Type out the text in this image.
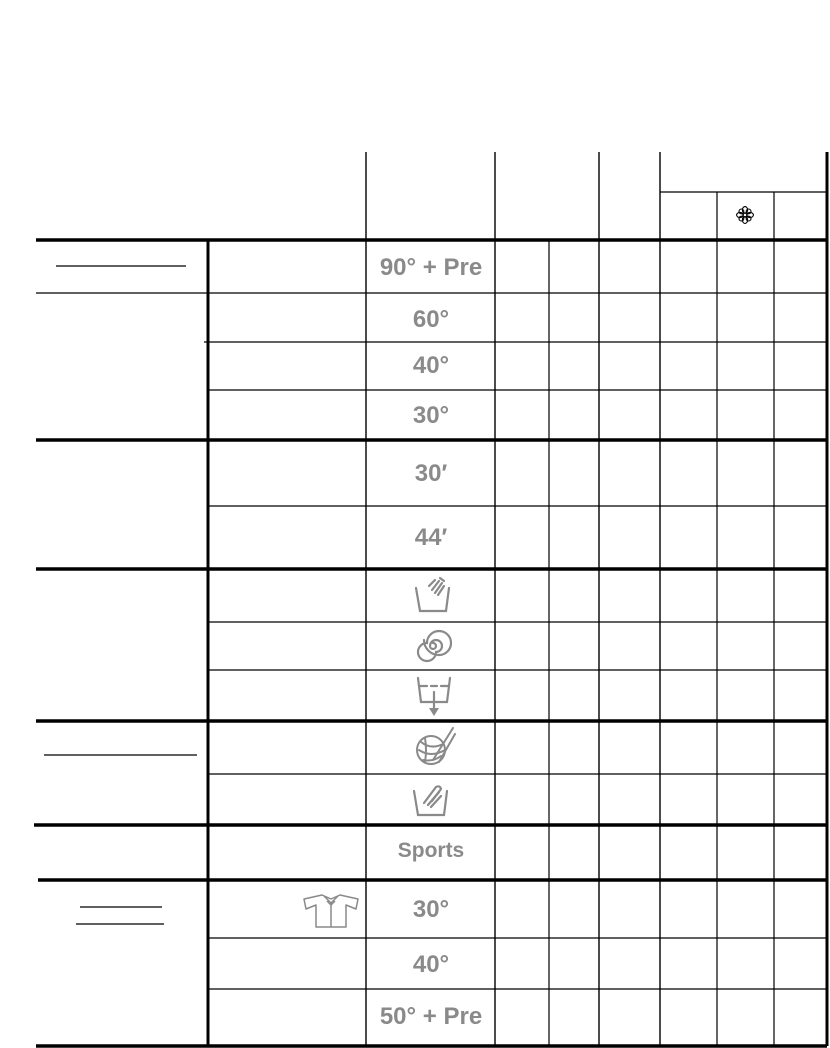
90° + Pre
60°
40°
30°
30′
44′
Sports
30°
40°
50° + Pre
